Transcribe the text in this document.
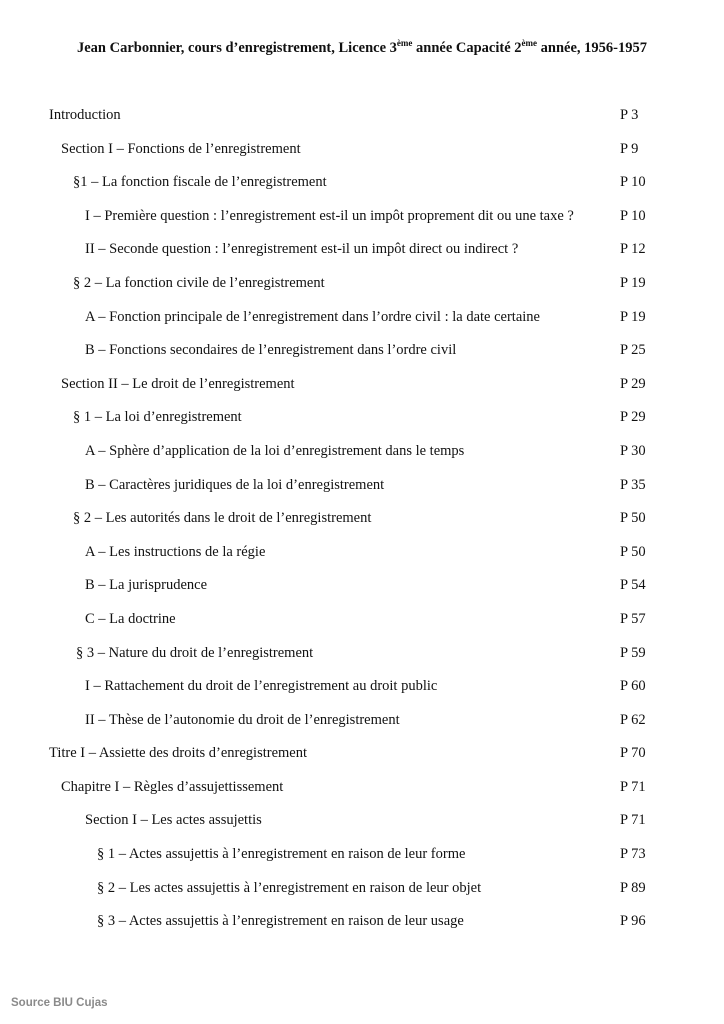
Jean Carbonnier, cours d’enregistrement, Licence 3ème année Capacité 2ème année, 1956-1957
Introduction	P 3
Section I – Fonctions de l’enregistrement	P 9
§1 – La fonction fiscale de l’enregistrement	P 10
I – Première question : l’enregistrement est-il un impôt proprement dit ou une taxe ?	P 10
II – Seconde question : l’enregistrement est-il un impôt direct ou indirect ?	P 12
§ 2 – La fonction civile de l’enregistrement	P 19
A – Fonction principale de l’enregistrement dans l’ordre civil : la date certaine	P 19
B – Fonctions secondaires de l’enregistrement dans l’ordre civil	P 25
Section II – Le droit de l’enregistrement	P 29
§ 1 – La loi d’enregistrement	P 29
A – Sphère d’application de la loi d’enregistrement dans le temps	P 30
B – Caractères juridiques de la loi d’enregistrement	P 35
§ 2 – Les autorités dans le droit de l’enregistrement	P 50
A – Les instructions de la régie	P 50
B – La jurisprudence	P 54
C – La doctrine	P 57
§ 3 – Nature du droit de l’enregistrement	P 59
I – Rattachement du droit de l’enregistrement au droit public	P 60
II – Thèse de l’autonomie du droit de l’enregistrement	P 62
Titre I – Assiette des droits d’enregistrement	P 70
Chapitre I – Règles d’assujettissement	P 71
Section I – Les actes assujettis	P 71
§ 1 – Actes assujettis à l’enregistrement en raison de leur forme	P 73
§ 2 – Les actes assujettis à l’enregistrement en raison de leur objet	P 89
§ 3 – Actes assujettis à l’enregistrement en raison de leur usage	P 96
Source BIU Cujas
